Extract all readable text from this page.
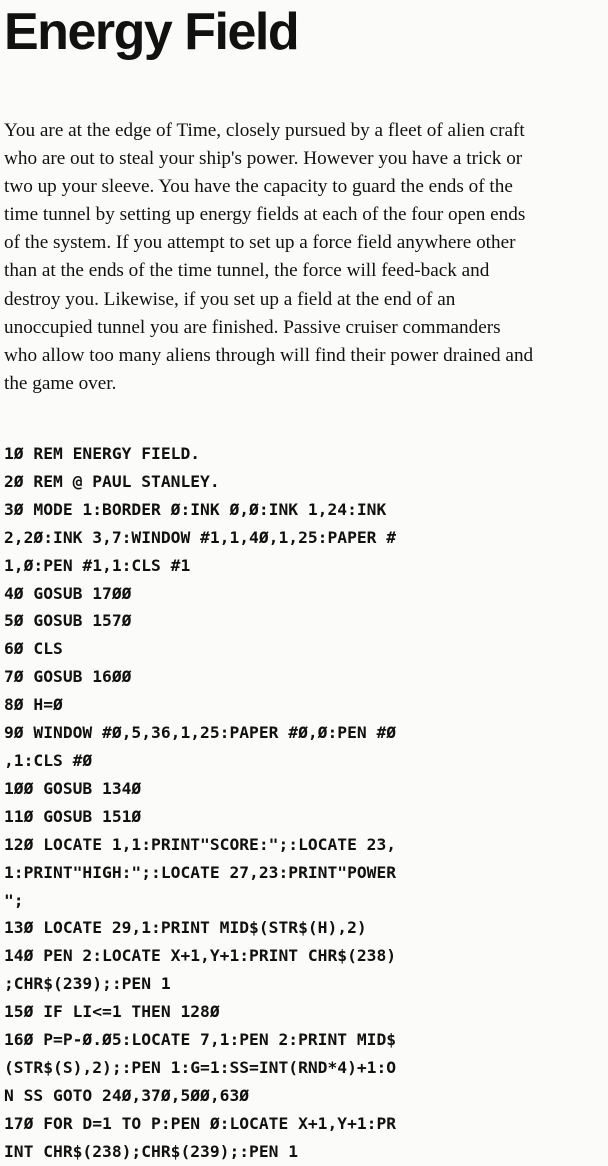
Energy Field
You are at the edge of Time, closely pursued by a fleet of alien craft
who are out to steal your ship's power. However you have a trick or
two up your sleeve. You have the capacity to guard the ends of the
time tunnel by setting up energy fields at each of the four open ends
of the system. If you attempt to set up a force field anywhere other
than at the ends of the time tunnel, the force will feed-back and
destroy you. Likewise, if you set up a field at the end of an
unoccupied tunnel you are finished. Passive cruiser commanders
who allow too many aliens through will find their power drained and
the game over.
1Ø REM ENERGY FIELD.
2Ø REM @ PAUL STANLEY.
3Ø MODE 1:BORDER Ø:INK Ø,Ø:INK 1,24:INK
2,2Ø:INK 3,7:WINDOW #1,1,4Ø,1,25:PAPER #
1,Ø:PEN #1,1:CLS #1
4Ø GOSUB 17ØØ
5Ø GOSUB 157Ø
6Ø CLS
7Ø GOSUB 16ØØ
8Ø H=Ø
9Ø WINDOW #Ø,5,36,1,25:PAPER #Ø,Ø:PEN #Ø
,1:CLS #Ø
1ØØ GOSUB 134Ø
11Ø GOSUB 151Ø
12Ø LOCATE 1,1:PRINT"SCORE:";:LOCATE 23,
1:PRINT"HIGH:";:LOCATE 27,23:PRINT"POWER
";
13Ø LOCATE 29,1:PRINT MID$(STR$(H),2)
14Ø PEN 2:LOCATE X+1,Y+1:PRINT CHR$(238)
;CHR$(239);:PEN 1
15Ø IF LI<=1 THEN 128Ø
16Ø P=P-Ø.Ø5:LOCATE 7,1:PEN 2:PRINT MID$
(STR$(S),2);:PEN 1:G=1:SS=INT(RND*4)+1:O
N SS GOTO 24Ø,37Ø,5ØØ,63Ø
17Ø FOR D=1 TO P:PEN Ø:LOCATE X+1,Y+1:PR
INT CHR$(238);CHR$(239);:PEN 1
